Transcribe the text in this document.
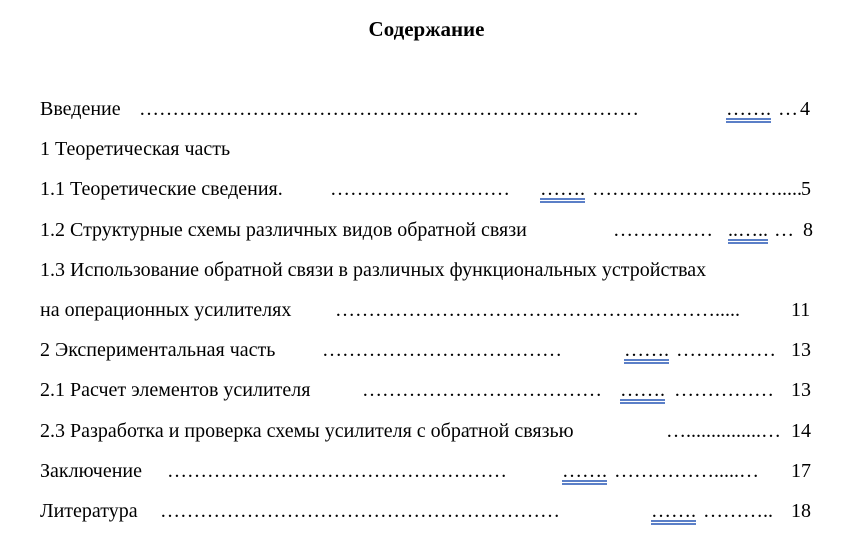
Содержание
Введение …………………………………………………………………	……. … 4
1 Теоретическая часть
1.1 Теоретические сведения. ……………………… ……. …………………….…..... 5
1.2 Структурные схемы различных видов обратной связи	…………… ..….. … 8
1.3 Использование обратной связи в различных функциональных устройствах
на операционных усилителях ………………………………………………….....	11
2 Экспериментальная часть ………………………………	……. …………… 13
2.1 Расчет элементов усилителя	……………………………… ……. …………… 13
2.3 Разработка и проверка схемы усилителя с обратной связью	…...............… 14
Заключение ……………………………………………	……. …………….....… 17
Литература ……………………………………………………	……. ……….. 18
